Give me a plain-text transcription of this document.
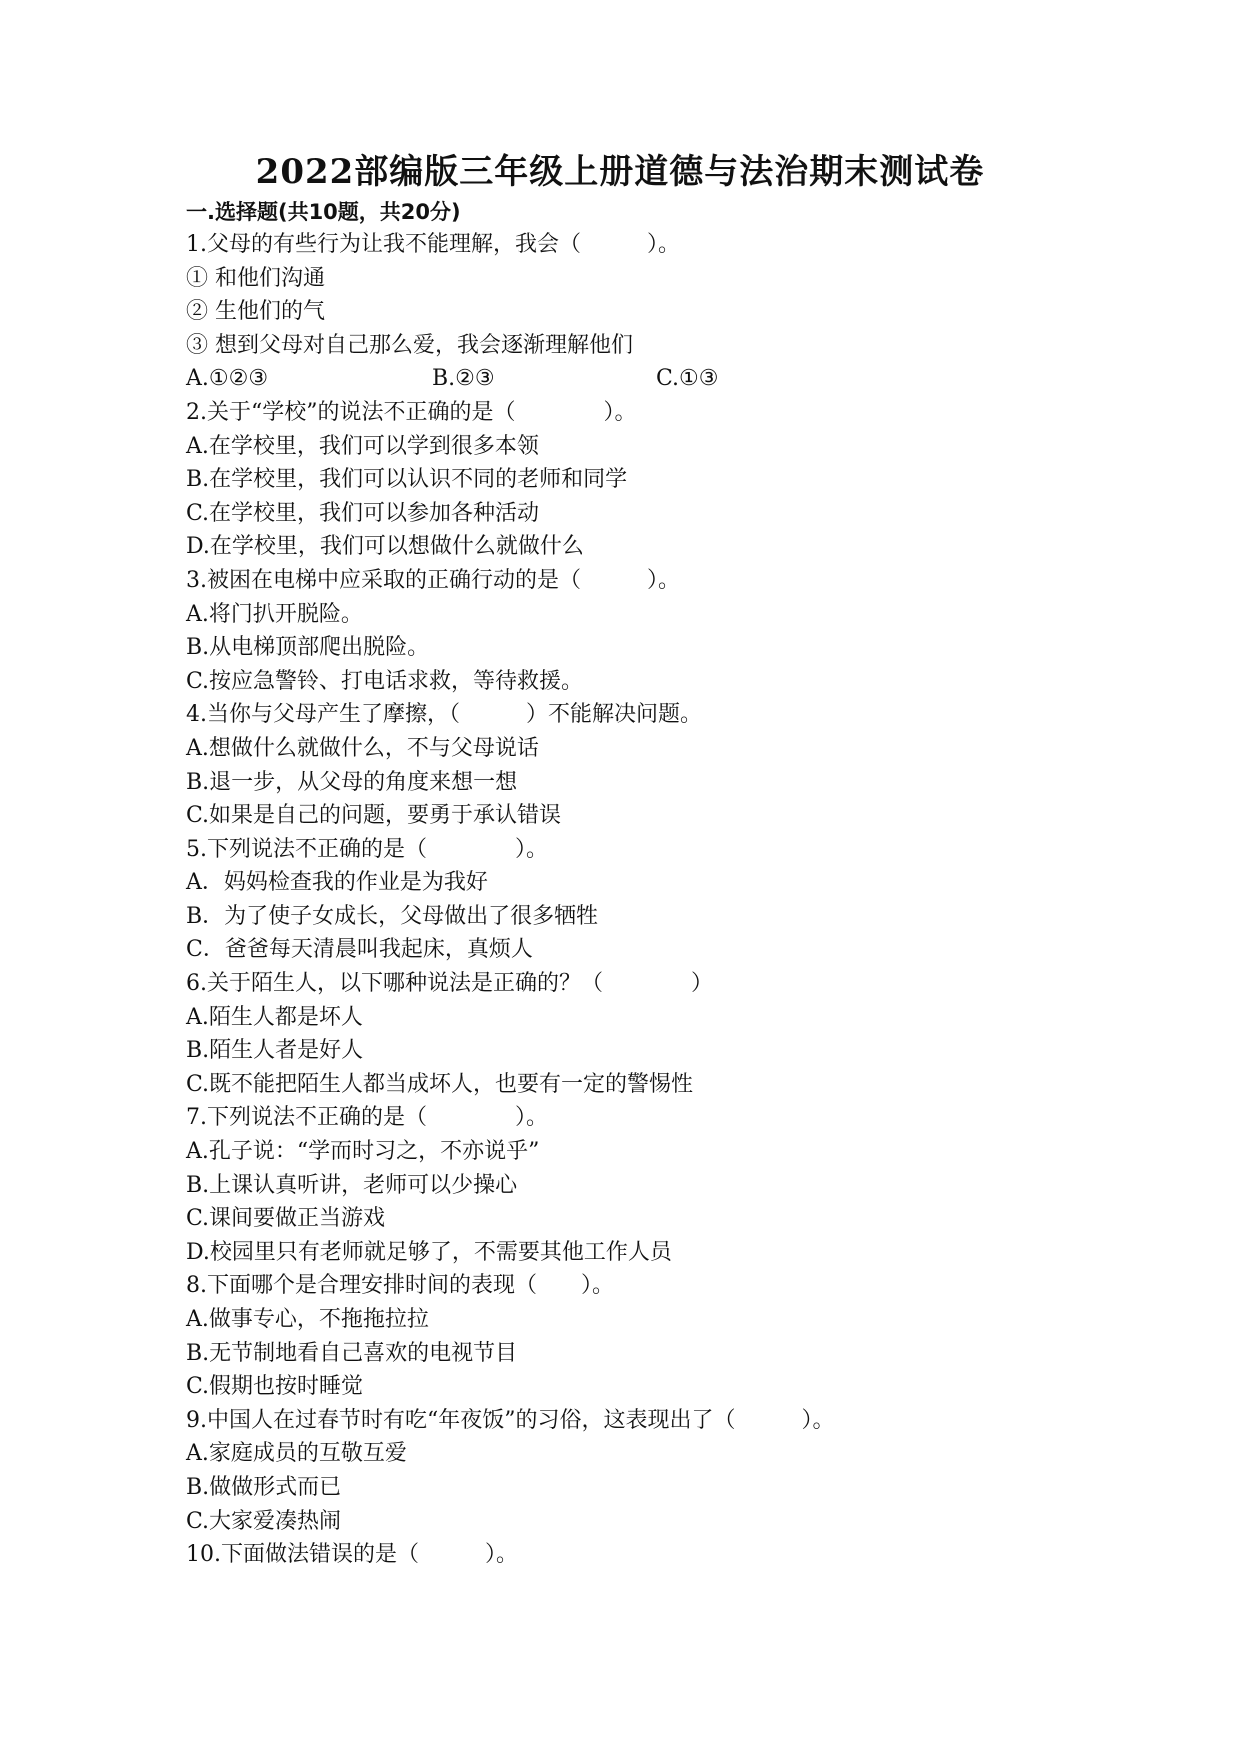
2022部编版三年级上册道德与法治期末测试卷
一.选择题(共10题，共20分)
1.父母的有些行为让我不能理解，我会（　　　）。
① 和他们沟通
② 生他们的气
③ 想到父母对自己那么爱，我会逐渐理解他们
A.①②③	B.②③	C.①③
2.关于“学校”的说法不正确的是（　　　　）。
A.在学校里，我们可以学到很多本领
B.在学校里，我们可以认识不同的老师和同学
C.在学校里，我们可以参加各种活动
D.在学校里，我们可以想做什么就做什么
3.被困在电梯中应采取的正确行动的是（　　　）。
A.将门扒开脱险。
B.从电梯顶部爬出脱险。
C.按应急警铃、打电话求救，等待救援。
4.当你与父母产生了摩擦，（　　　）不能解决问题。
A.想做什么就做什么，不与父母说话
B.退一步，从父母的角度来想一想
C.如果是自己的问题，要勇于承认错误
5.下列说法不正确的是（　　　　）。
A．妈妈检查我的作业是为我好
B．为了使子女成长，父母做出了很多牺牲
C．爸爸每天清晨叫我起床，真烦人
6.关于陌生人，以下哪种说法是正确的？（　　　　）
A.陌生人都是坏人
B.陌生人者是好人
C.既不能把陌生人都当成坏人，也要有一定的警惕性
7.下列说法不正确的是（　　　　）。
A.孔子说：“学而时习之，不亦说乎”
B.上课认真听讲，老师可以少操心
C.课间要做正当游戏
D.校园里只有老师就足够了，不需要其他工作人员
8.下面哪个是合理安排时间的表现（　　）。
A.做事专心，不拖拖拉拉
B.无节制地看自己喜欢的电视节目
C.假期也按时睡觉
9.中国人在过春节时有吃“年夜饭”的习俗，这表现出了（　　　）。
A.家庭成员的互敬互爱
B.做做形式而已
C.大家爱凑热闹
10.下面做法错误的是（　　　）。
